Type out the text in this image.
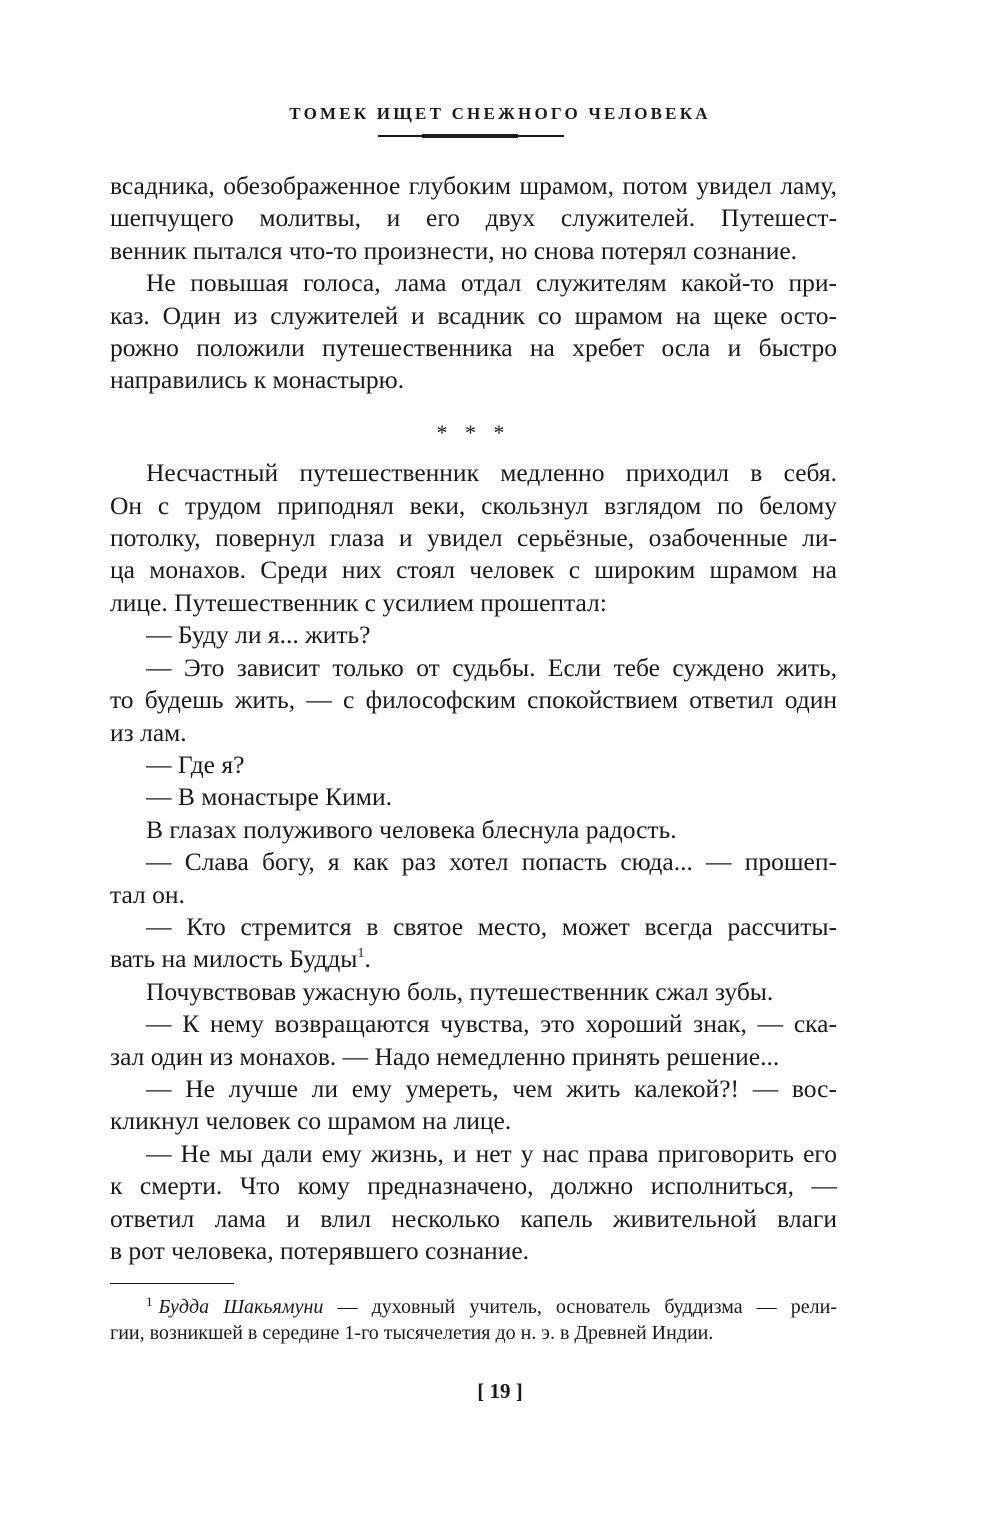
ТОМЕК ИЩЕТ СНЕЖНОГО ЧЕЛОВЕКА

всадника, обезображенное глубоким шрамом, потом увидел ламу, шепчущего молитвы, и его двух служителей. Путешест-

венник пытался что-то произнести, но снова потерял сознание.

Не повышая голоса, лама отдал служителям какой-то при-

каз. Один из служителей и всадник со шрамом на щеке осто-

рожно положили путешественника на хребет осла и быстро

направились к монастырю.

* * *

Несчастный путешественник медленно приходил в себя.

Он с трудом приподнял веки, скользнул взглядом по белому

потолку, повернул глаза и увидел серьёзные, озабоченные ли-

ца монахов. Среди них стоял человек с широким шрамом на

лице. Путешественник с усилием прошептал:

— Буду ли я... жить?

— Это зависит только от судьбы. Если тебе суждено жить,

то будешь жить, — с философским спокойствием ответил один

из лам.

— Где я?

— В монастыре Кими.

В глазах полуживого человека блеснула радость.

— Слава богу, я как раз хотел попасть сюда... — прошеп-

тал он.

— Кто стремится в святое место, может всегда рассчиты-

вать на милость Будды$^1$.

Почувствовав ужасную боль, путешественник сжал зубы.

— К нему возвращаются чувства, это хороший знак, — ска-

зал один из монахов. — Надо немедленно принять решение...

— Не лучше ли ему умереть, чем жить калекой?! — вос-

кликнул человек со шрамом на лице.

— Не мы дали ему жизнь, и нет у нас права приговорить его

к смерти. Что кому предназначено, должно исполниться, —

ответил лама и влил несколько капель живительной влаги

в рот человека, потерявшего сознание.

$^1$ Будда Шакьямуни — духовный учитель, основатель буддизма — рели-

гии, возникшей в середине 1-го тысячелетия до н. э. в Древней Индии.

[ 19 ]
